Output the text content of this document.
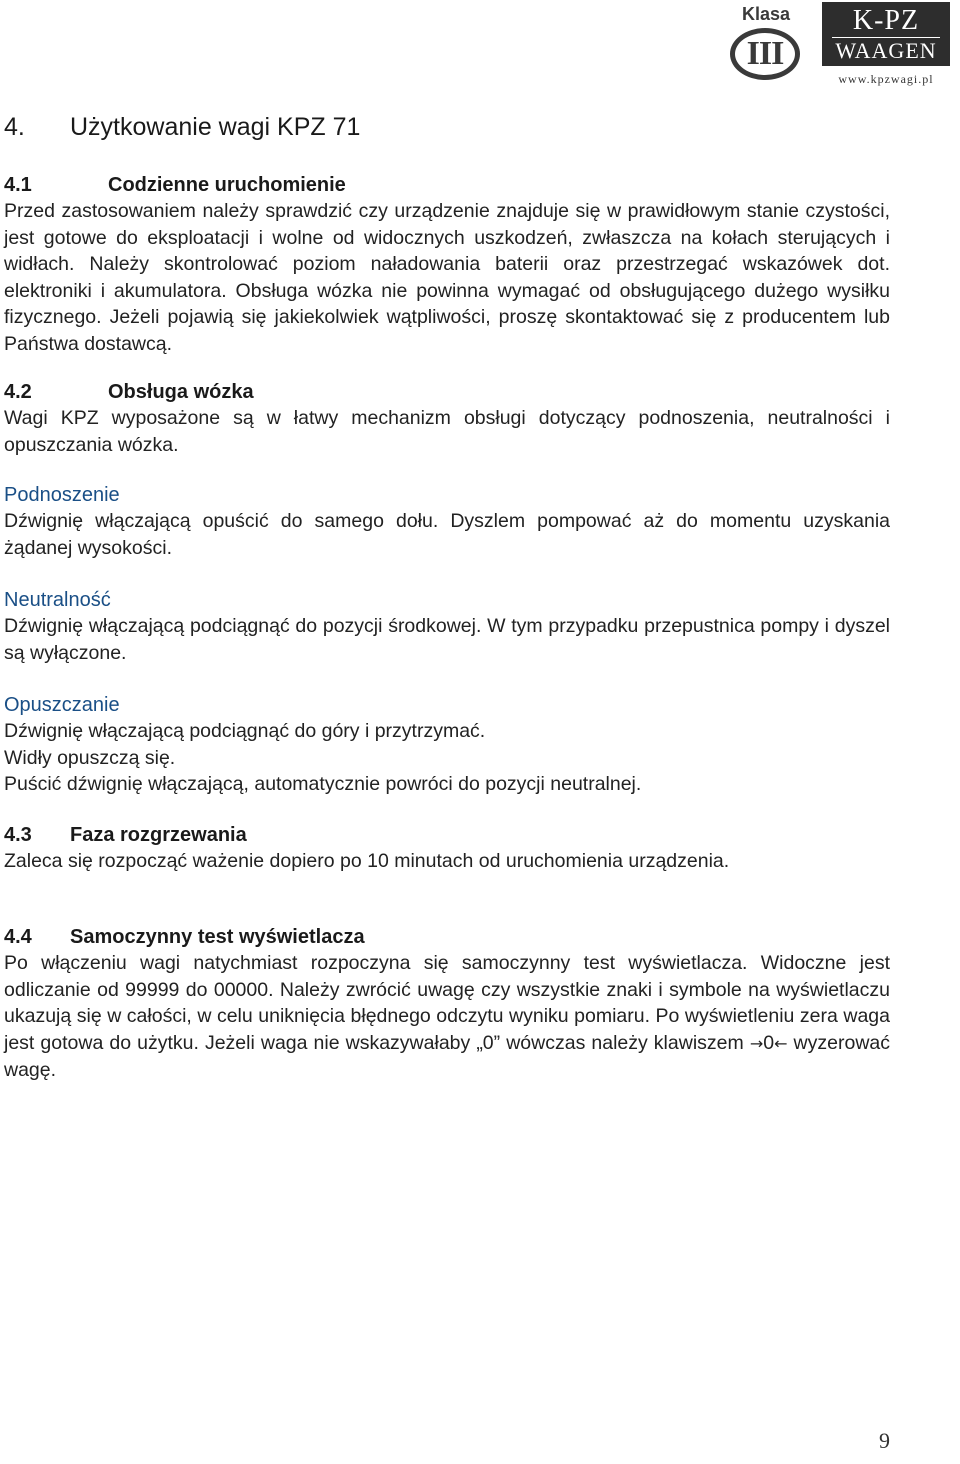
Klasa
III
K-PZ
WAAGEN
www.kpzwagi.pl
4. Użytkowanie wagi KPZ 71
4.1	Codzienne uruchomienie

Przed zastosowaniem należy sprawdzić czy urządzenie znajduje się w prawidłowym stanie czystości, jest gotowe do eksploatacji i wolne od widocznych uszkodzeń, zwłaszcza na kołach sterujących i widłach. Należy skontrolować poziom naładowania baterii oraz przestrzegać wskazówek dot. elektroniki i akumulatora. Obsługa wózka nie powinna wymagać od obsługującego dużego wysiłku fizycznego. Jeżeli pojawią się jakiekolwiek wątpliwości, proszę skontaktować się z producentem lub Państwa dostawcą.

4.2	Obsługa wózka

Wagi KPZ wyposażone są w łatwy mechanizm obsługi dotyczący podnoszenia, neutralności i opuszczania wózka.

Podnoszenie

Dźwignię włączającą opuścić do samego dołu. Dyszlem pompować aż do momentu uzyskania żądanej wysokości.

Neutralność

Dźwignię włączającą podciągnąć do pozycji środkowej. W tym przypadku przepustnica pompy i dyszel są wyłączone.

Opuszczanie

Dźwignię włączającą podciągnąć do góry i przytrzymać.

Widły opuszczą się.

Puścić dźwignię włączającą, automatycznie powróci do pozycji neutralnej.

4.3 Faza rozgrzewania

Zaleca się rozpocząć ważenie dopiero po 10 minutach od uruchomienia urządzenia.

4.4 Samoczynny test wyświetlacza

Po włączeniu wagi natychmiast rozpoczyna się samoczynny test wyświetlacza. Widoczne jest odliczanie od 99999 do 00000. Należy zwrócić uwagę czy wszystkie znaki i symbole na wyświetlaczu ukazują się w całości, w celu uniknięcia błędnego odczytu wyniku pomiaru. Po wyświetleniu zera waga jest gotowa do użytku. Jeżeli waga nie wskazywałaby „0” wówczas należy klawiszem →0← wyzerować wagę.

9
